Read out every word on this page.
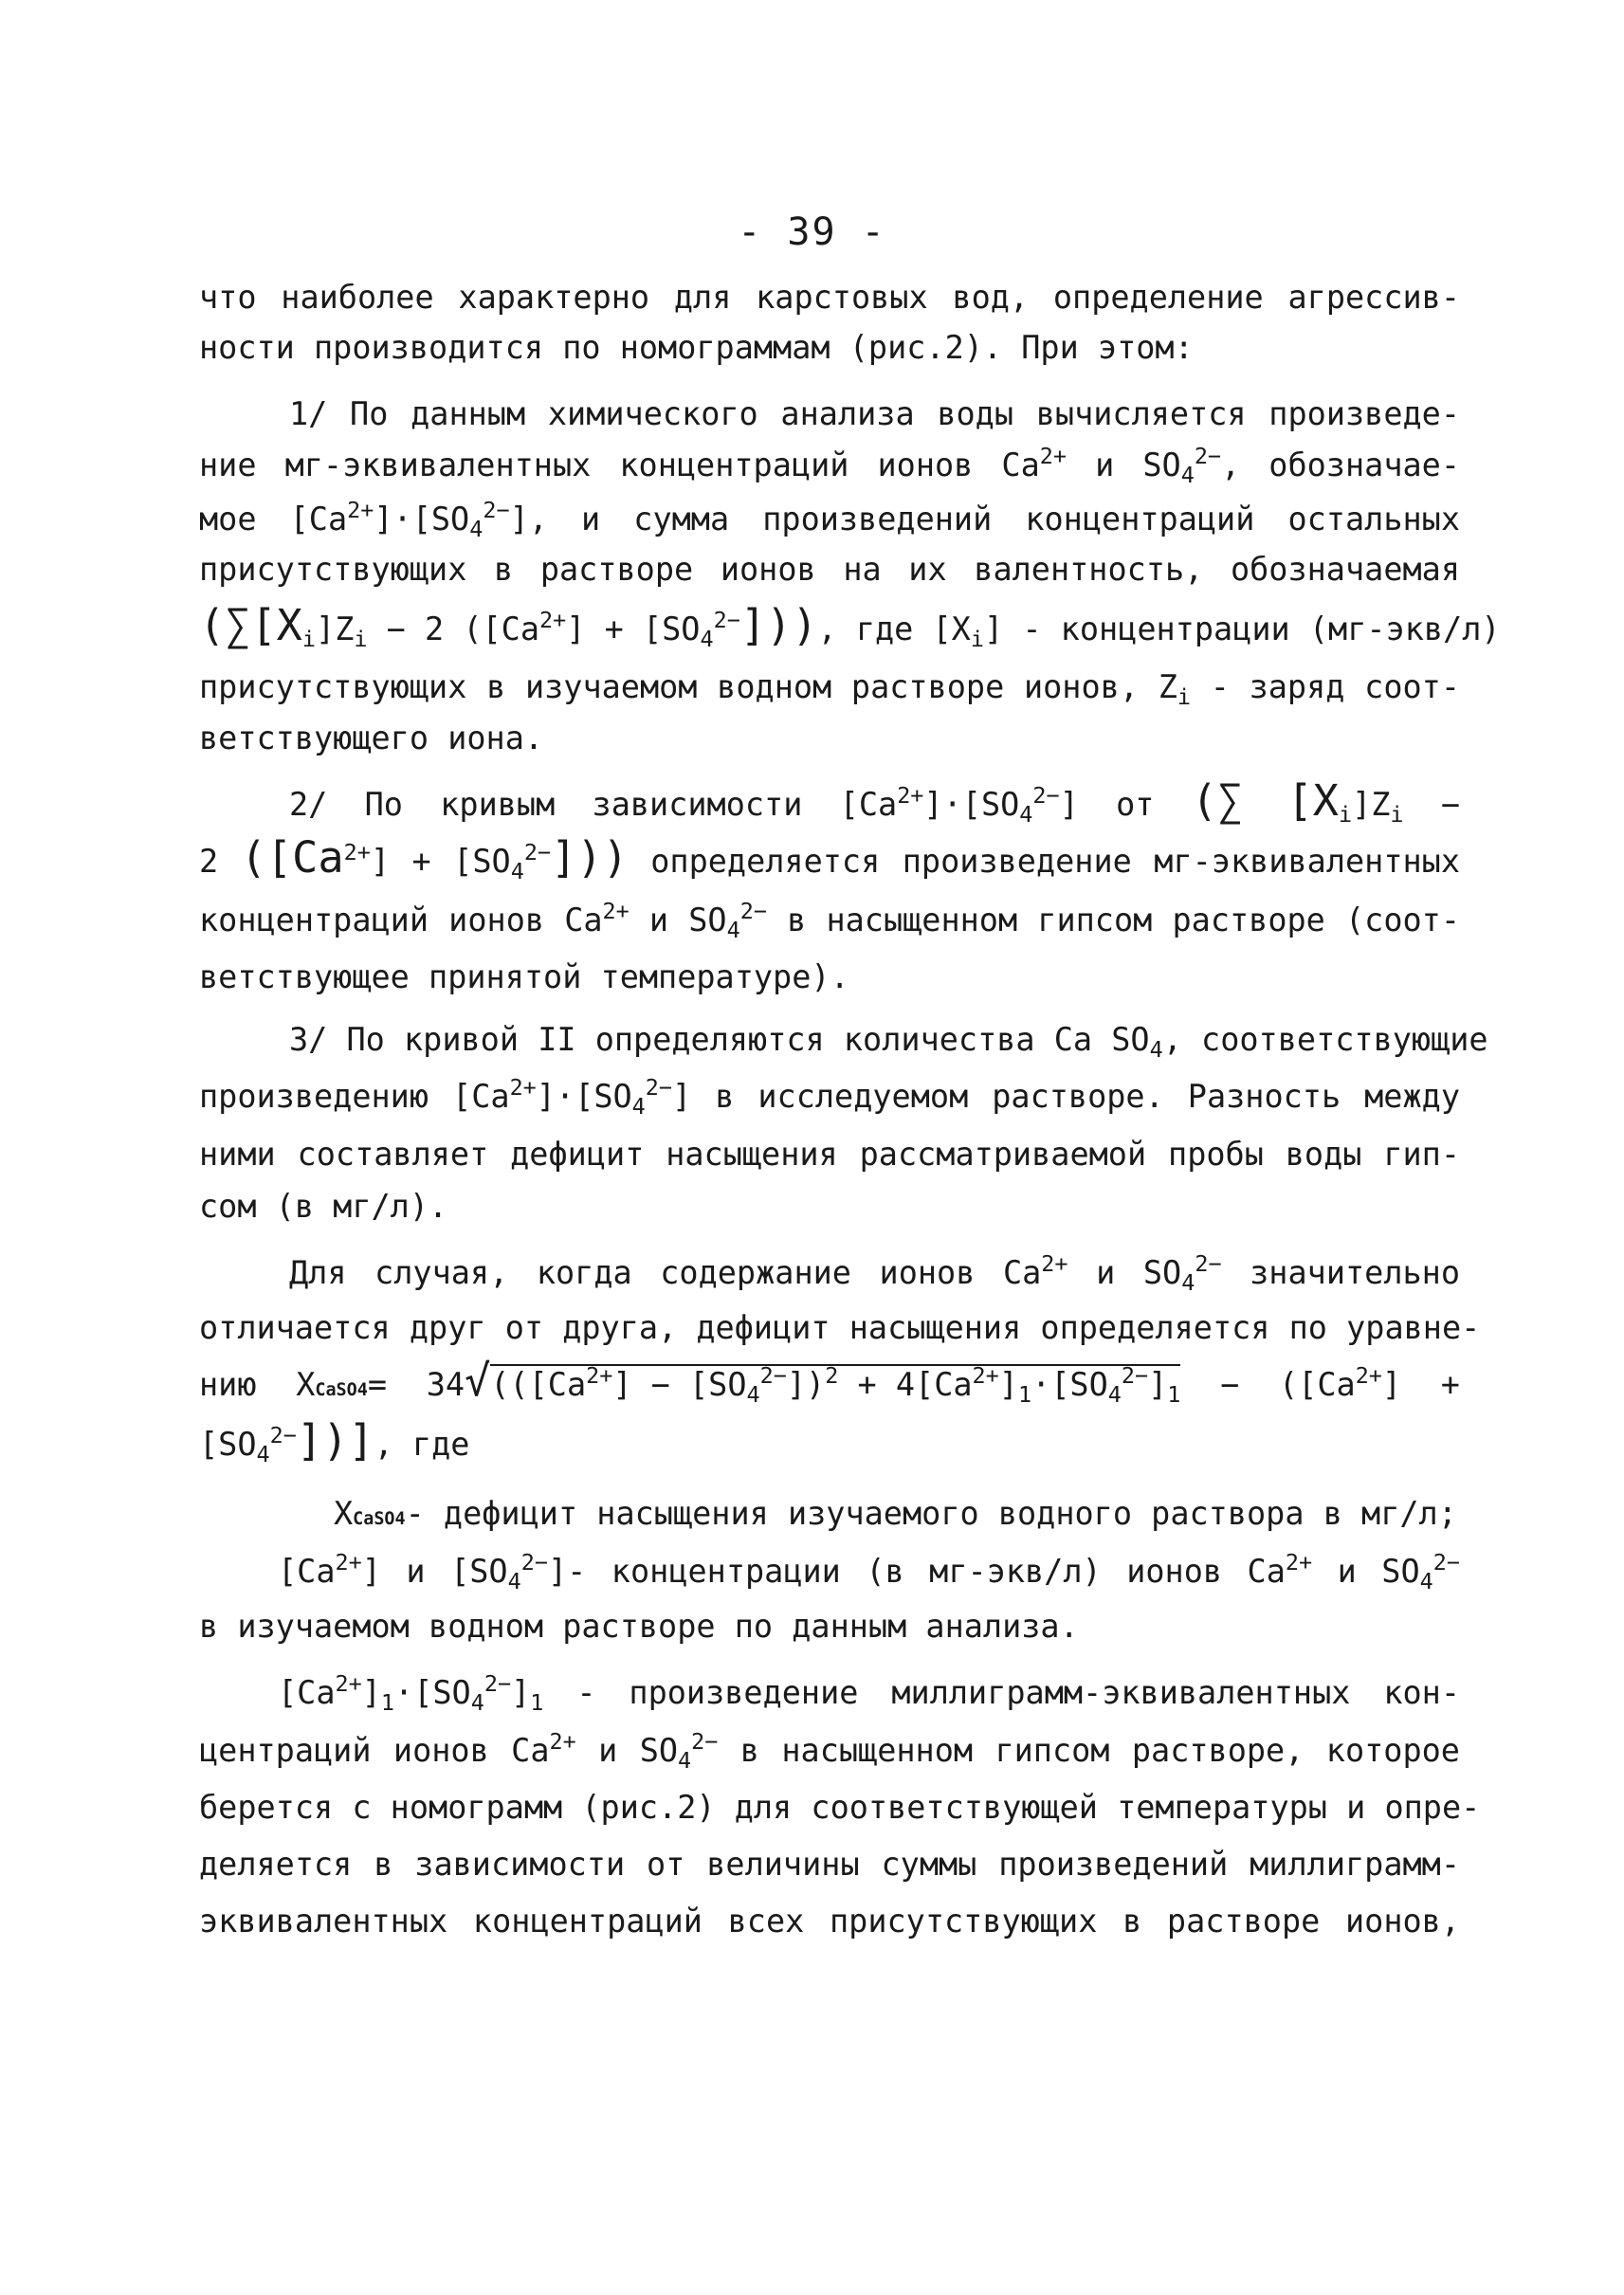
- 39 -
что наиболее характерно для карстовых вод, определение агрессив-
ности производится по номограммам (рис.2). При этом:
1/ По данным химического анализа воды вычисляется произведе-
ние мг-эквивалентных концентраций ионов $Са^{2+}$ и $SO_4^{2-}$, обозначае-
мое $[Са^{2+}]\cdot[SO_4^{2-}]$, и сумма произведений концентраций остальных
присутствующих в растворе ионов на их валентность, обозначаемая
($\sum[X_i]Z_i - 2$ $([Са^{2+}] + [SO_4^{2-}])$), где $[X_i]$ - концентрации (мг-экв/л)
присутствующих в изучаемом водном растворе ионов, $Z_i$ - заряд соот-
ветствующего иона.
2/ По кривым зависимости $[Са^{2+}]\cdot[SO_4^{2-}]$ от (∑ $[X_i]Z_i$ −
2 $([Са^{2+}] + [SO_4^{2-}])$) определяется произведение мг-эквивалентных
концентраций ионов $Са^{2+}$ и $SO_4^{2-}$ в насыщенном гипсом растворе (соот-
ветствующее принятой температуре).
3/ По кривой II определяются количества Ca $SO_4$, соответствующие
произведению $[Са^{2+}]\cdot[SO_4^{2-}]$ в исследуемом растворе. Разность между
ними составляет дефицит насыщения рассматриваемой пробы воды гип-
сом (в мг/л).
Для случая, когда содержание ионов $Са^{2+}$ и $SO_4^{2-}$ значительно
отличается друг от друга, дефицит насыщения определяется по уравне-
нию XCaSO4= $34√(([Са^{2+}] - [SO_4^{2-}])^2 + 4[Са^{2+}]_1\cdot[SO_4^{2-}]_1 - ([Са^{2+}]$ +
$[SO_4^{2-}]$)], где
XCaSO4- дефицит насыщения изучаемого водного раствора в мг/л;
$[Са^{2+}]$ и $[SO_4^{2-}]-$ концентрации (в мг-экв/л) ионов $Са^{2+}$ и $SO_4^{2-}$
в изучаемом водном растворе по данным анализа.
$[Са^{2+}]_1\cdot[SO_4^{2-}]_1$ - произведение миллиграмм-эквивалентных кон-
центраций ионов $Са^{2+}$ и $SO_4^{2-}$ в насыщенном гипсом растворе, которое
берется с номограмм (рис.2) для соответствующей температуры и опре-
деляется в зависимости от величины суммы произведений миллиграмм-
эквивалентных концентраций всех присутствующих в растворе ионов,
